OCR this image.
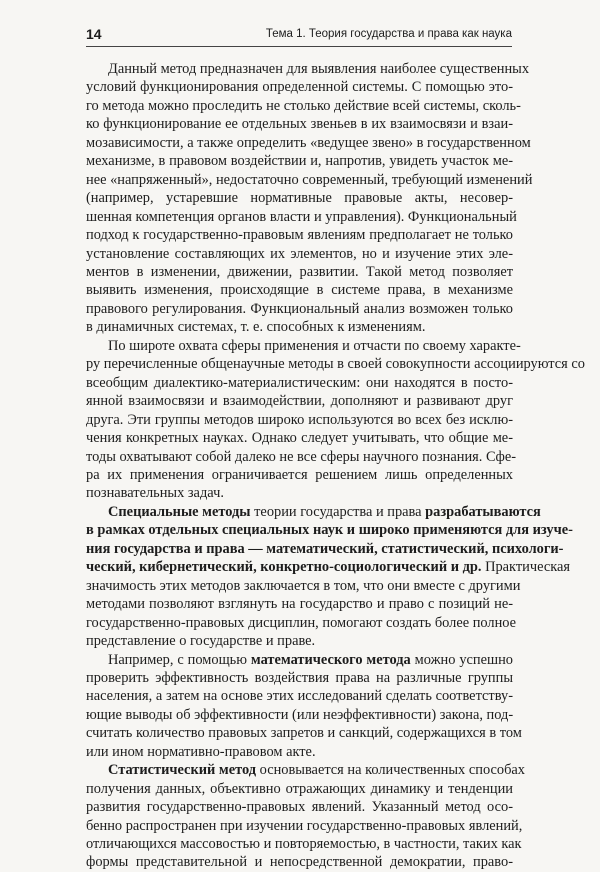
14	Тема 1. Теория государства и права как наука
Данный метод предназначен для выявления наиболее существенных
условий функционирования определенной системы. С помощью это-
го метода можно проследить не столько действие всей системы, сколь-
ко функционирование ее отдельных звеньев в их взаимосвязи и взаи-
мозависимости, а также определить «ведущее звено» в государственном
механизме, в правовом воздействии и, напротив, увидеть участок ме-
нее «напряженный», недостаточно современный, требующий изменений
(например, устаревшие нормативные правовые акты, несовер-
шенная компетенция органов власти и управления). Функциональный
подход к государственно-правовым явлениям предполагает не только
установление составляющих их элементов, но и изучение этих эле-
ментов в изменении, движении, развитии. Такой метод позволяет
выявить изменения, происходящие в системе права, в механизме
правового регулирования. Функциональный анализ возможен только
в динамичных системах, т. е. способных к изменениям.
По широте охвата сферы применения и отчасти по своему характе-
ру перечисленные общенаучные методы в своей совокупности ассоциируются со
всеобщим диалектико-материалистическим: они находятся в посто-
янной взаимосвязи и взаимодействии, дополняют и развивают друг
друга. Эти группы методов широко используются во всех без исклю-
чения конкретных науках. Однако следует учитывать, что общие ме-
тоды охватывают собой далеко не все сферы научного познания. Сфе-
ра их применения ограничивается решением лишь определенных
познавательных задач.
Специальные методы теории государства и права разрабатываются
в рамках отдельных специальных наук и широко применяются для изуче-
ния государства и права — математический, статистический, психологи-
ческий, кибернетический, конкретно-социологический и др. Практическая
значимость этих методов заключается в том, что они вместе с другими
методами позволяют взглянуть на государство и право с позиций не-
государственно-правовых дисциплин, помогают создать более полное
представление о государстве и праве.
Например, с помощью математического метода можно успешно
проверить эффективность воздействия права на различные группы
населения, а затем на основе этих исследований сделать соответству-
ющие выводы об эффективности (или неэффективности) закона, под-
считать количество правовых запретов и санкций, содержащихся в том
или ином нормативно-правовом акте.
Статистический метод основывается на количественных способах
получения данных, объективно отражающих динамику и тенденции
развития государственно-правовых явлений. Указанный метод осо-
бенно распространен при изучении государственно-правовых явлений,
отличающихся массовостью и повторяемостью, в частности, таких как
формы представительной и непосредственной демократии, право-
